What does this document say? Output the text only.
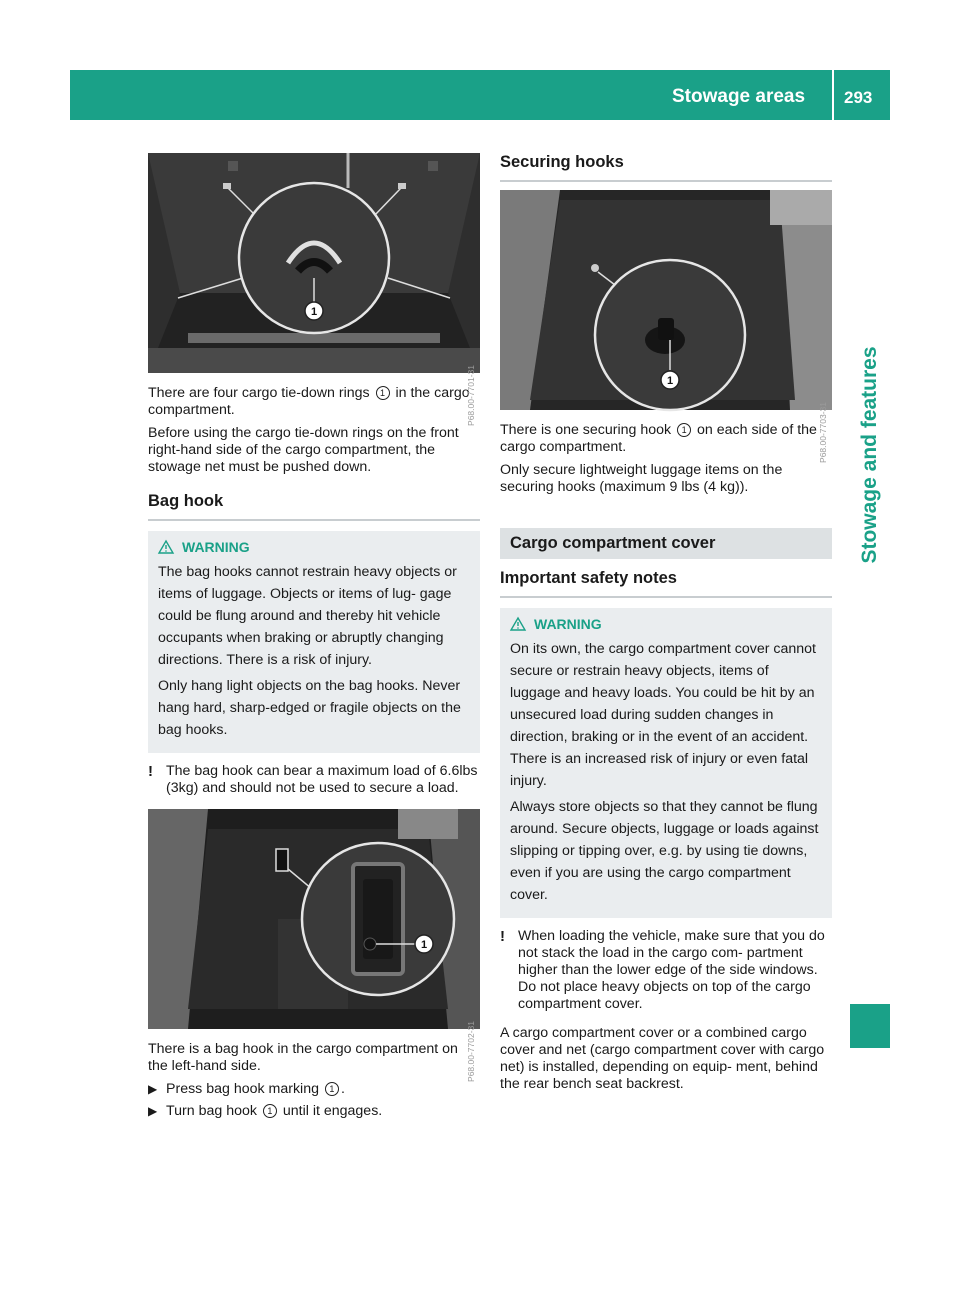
Stowage areas 293
Stowage and features
1
P68.00-7701-31

There are four cargo tie-down rings 1 in the cargo compartment.

Before using the cargo tie-down rings on the front right-hand side of the cargo compartment, the stowage net must be pushed down.

Bag hook
WARNING

The bag hooks cannot restrain heavy objects or items of luggage. Objects or items of lug- gage could be flung around and thereby hit vehicle occupants when braking or abruptly changing directions. There is a risk of injury.

Only hang light objects on the bag hooks. Never hang hard, sharp-edged or fragile objects on the bag hooks.

! The bag hook can bear a maximum load of 6.6lbs (3kg) and should not be used to secure a load.

1
P68.00-7702-31

There is a bag hook in the cargo compartment on the left-hand side.

▶ Press bag hook marking 1 .
▶ Turn bag hook 1 until it engages.
Securing hooks
1
P68.00-7703-31

There is one securing hook 1 on each side of the cargo compartment.

Only secure lightweight luggage items on the securing hooks (maximum 9 lbs (4 kg)).

Cargo compartment cover
Important safety notes
WARNING

On its own, the cargo compartment cover cannot secure or restrain heavy objects, items of luggage and heavy loads. You could be hit by an unsecured load during sudden changes in direction, braking or in the event of an accident. There is an increased risk of injury or even fatal injury.

Always store objects so that they cannot be flung around. Secure objects, luggage or loads against slipping or tipping over, e.g. by using tie downs, even if you are using the cargo compartment cover.

! When loading the vehicle, make sure that you do not stack the load in the cargo com- partment higher than the lower edge of the side windows. Do not place heavy objects on top of the cargo compartment cover.

A cargo compartment cover or a combined cargo cover and net (cargo compartment cover with cargo net) is installed, depending on equip- ment, behind the rear bench seat backrest.
